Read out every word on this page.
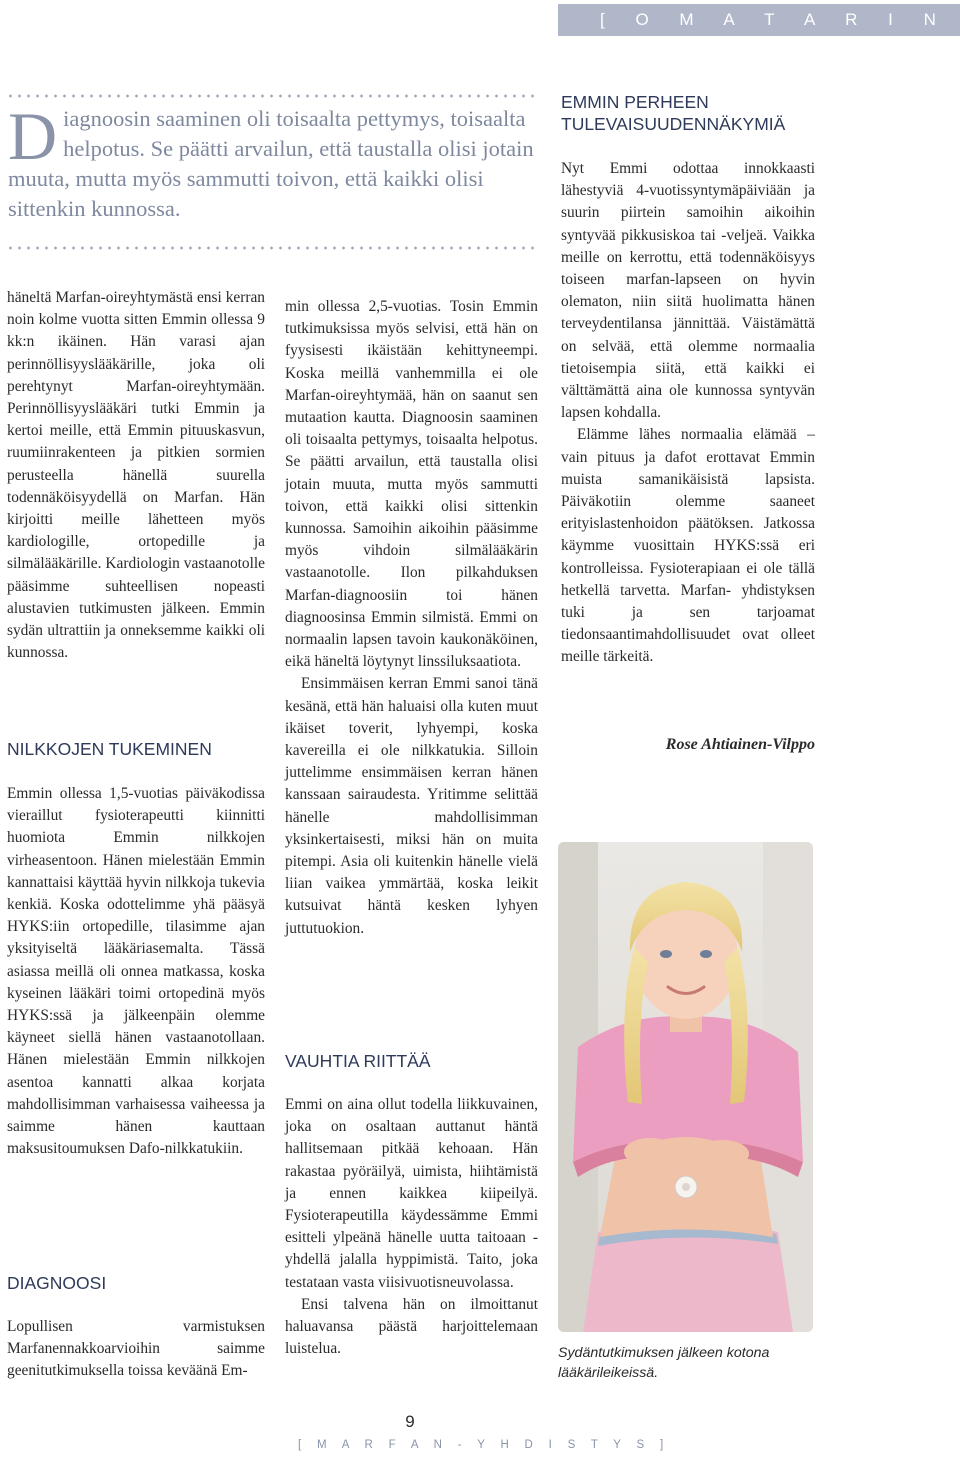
[ O M A T A R I N A ]
D iagnoosin saaminen oli toisaalta pettymys, toisaalta helpotus. Se päätti arvailun, että taustalla olisi jotain muuta, mutta myös sammutti toivon, että kaikki olisi sittenkin kunnossa.

häneltä Marfan-oireyhtymästä ensi kerran noin kolme vuotta sitten Emmin ollessa 9 kk:n ikäinen. Hän varasi ajan perinnöllisyyslääkärille, joka oli perehtynyt Marfan-oireyhtymään. Perinnöllisyyslääkäri tutki Emmin ja kertoi meille, että Emmin pituuskasvun, ruumiinrakenteen ja pitkien sormien perusteella hänellä suurella todennäköisyydellä on Marfan. Hän kirjoitti meille lähetteen myös kardiologille, ortopedille ja silmälääkärille. Kardiologin vastaanotolle pääsimme suhteellisen nopeasti alustavien tutkimusten jälkeen. Emmin sydän ultrattiin ja onneksemme kaikki oli kunnossa.

NILKKOJEN TUKEMINEN

Emmin ollessa 1,5-vuotias päiväkodissa vieraillut fysioterapeutti kiinnitti huomiota Emmin nilkkojen virheasentoon. Hänen mielestään Emmin kannattaisi käyttää hyvin nilkkoja tukevia kenkiä. Koska odottelimme yhä pääsyä HYKS:iin ortopedille, tilasimme ajan yksityiseltä lääkäriasemalta. Tässä asiassa meillä oli onnea matkassa, koska kyseinen lääkäri toimi ortopedinä myös HYKS:ssä ja jälkeenpäin olemme käyneet siellä hänen vastaanotollaan. Hänen mielestään Emmin nilkkojen asentoa kannatti alkaa korjata mahdollisimman varhaisessa vaiheessa ja saimme hänen kauttaan maksusitoumuksen Dafo-nilkkatukiin.

DIAGNOOSI

Lopullisen varmistuksen Marfanennakkoarvioihin saimme geenitutkimuksella toissa keväänä Em-

min ollessa 2,5-vuotias. Tosin Emmin tutkimuksissa myös selvisi, että hän on fyysisesti ikäistään kehittyneempi. Koska meillä vanhemmilla ei ole Marfan-oireyhtymää, hän on saanut sen mutaation kautta. Diagnoosin saaminen oli toisaalta pettymys, toisaalta helpotus. Se päätti arvailun, että taustalla olisi jotain muuta, mutta myös sammutti toivon, että kaikki olisi sittenkin kunnossa. Samoihin aikoihin pääsimme myös vihdoin silmälääkärin vastaanotolle. Ilon pilkahduksen Marfan-diagnoosiin toi hänen diagnoosinsa Emmin silmistä. Emmi on normaalin lapsen tavoin kaukonäköinen, eikä häneltä löytynyt linssiluksaatiota.

Ensimmäisen kerran Emmi sanoi tänä kesänä, että hän haluaisi olla kuten muut ikäiset toverit, lyhyempi, koska kavereilla ei ole nilkkatukia. Silloin juttelimme ensimmäisen kerran hänen kanssaan sairaudesta. Yritimme selittää hänelle mahdollisimman yksinkertaisesti, miksi hän on muita pitempi. Asia oli kuitenkin hänelle vielä liian vaikea ymmärtää, koska leikit kutsuivat häntä kesken lyhyen juttutuokion.

VAUHTIA RIITTÄÄ

Emmi on aina ollut todella liikkuvainen, joka on osaltaan auttanut häntä hallitsemaan pitkää kehoaan. Hän rakastaa pyöräilyä, uimista, hiihtämistä ja ennen kaikkea kiipeilyä. Fysioterapeutilla käydessämme Emmi esitteli ylpeänä hänelle uutta taitoaan - yhdellä jalalla hyppimistä. Taito, joka testataan vasta viisivuotisneuvolassa.

Ensi talvena hän on ilmoittanut haluavansa päästä harjoittelemaan luistelua.

EMMIN PERHEEN
TULEVAISUUDENNÄKYMIÄ

Nyt Emmi odottaa innokkaasti lähestyviä 4-vuotissyntymäpäiviään ja suurin piirtein samoihin aikoihin syntyvää pikkusiskoa tai -veljeä. Vaikka meille on kerrottu, että todennäköisyys toiseen marfan-lapseen on hyvin olematon, niin siitä huolimatta hänen terveydentilansa jännittää. Väistämättä on selvää, että olemme normaalia tietoisempia siitä, että kaikki ei välttämättä aina ole kunnossa syntyvän lapsen kohdalla.

Elämme lähes normaalia elämää – vain pituus ja dafot erottavat Emmin muista samanikäisistä lapsista. Päiväkotiin olemme saaneet erityislastenhoidon päätöksen. Jatkossa käymme vuosittain HYKS:ssä eri kontrolleissa. Fysioterapiaan ei ole tällä hetkellä tarvetta. Marfan- yhdistyksen tuki ja sen tarjoamat tiedonsaantimahdollisuudet ovat olleet meille tärkeitä.

Rose Ahtiainen-Vilppo
Sydäntutkimuksen jälkeen kotona lääkärileikeissä.
9
[ M A R F A N - Y H D I S T Y S ]
